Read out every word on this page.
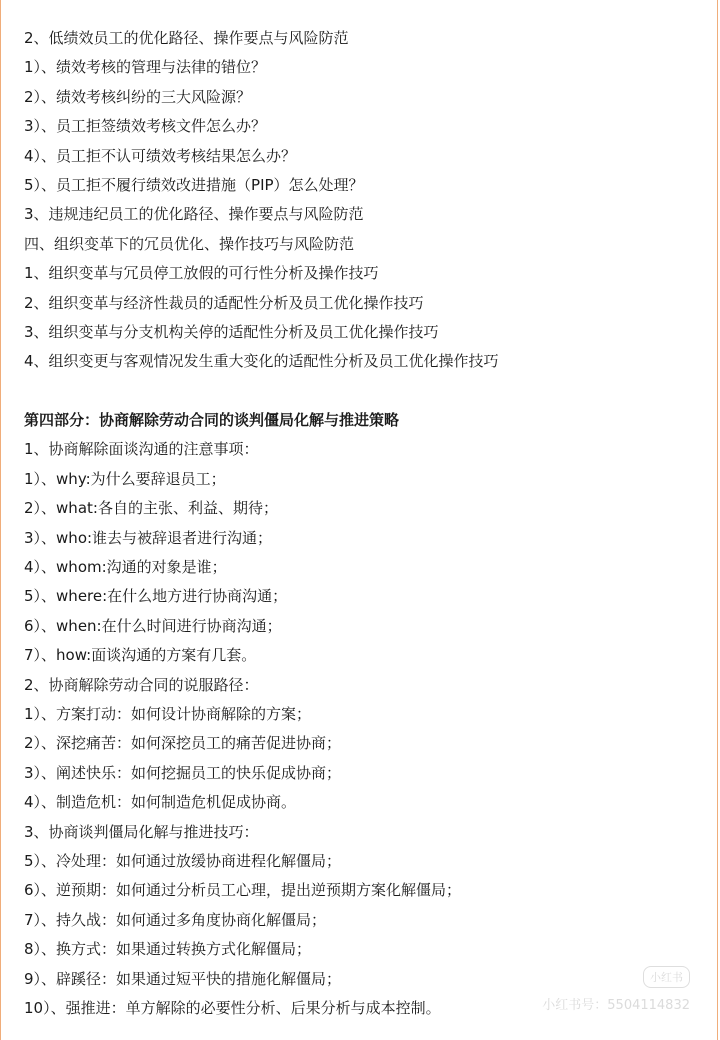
2、低绩效员工的优化路径、操作要点与风险防范
1）、绩效考核的管理与法律的错位？
2）、绩效考核纠纷的三大风险源？
3）、员工拒签绩效考核文件怎么办？
4）、员工拒不认可绩效考核结果怎么办？
5）、员工拒不履行绩效改进措施（PIP）怎么处理？
3、违规违纪员工的优化路径、操作要点与风险防范
四、组织变革下的冗员优化、操作技巧与风险防范
1、组织变革与冗员停工放假的可行性分析及操作技巧
2、组织变革与经济性裁员的适配性分析及员工优化操作技巧
3、组织变革与分支机构关停的适配性分析及员工优化操作技巧
4、组织变更与客观情况发生重大变化的适配性分析及员工优化操作技巧
第四部分：协商解除劳动合同的谈判僵局化解与推进策略
1、协商解除面谈沟通的注意事项：
1）、why:为什么要辞退员工；
2）、what:各自的主张、利益、期待；
3）、who:谁去与被辞退者进行沟通；
4）、whom:沟通的对象是谁；
5）、where:在什么地方进行协商沟通；
6）、when:在什么时间进行协商沟通；
7）、how:面谈沟通的方案有几套。
2、协商解除劳动合同的说服路径：
1）、方案打动：如何设计协商解除的方案；
2）、深挖痛苦：如何深挖员工的痛苦促进协商；
3）、阐述快乐：如何挖掘员工的快乐促成协商；
4）、制造危机：如何制造危机促成协商。
3、协商谈判僵局化解与推进技巧：
5）、冷处理：如何通过放缓协商进程化解僵局；
6）、逆预期：如何通过分析员工心理，提出逆预期方案化解僵局；
7）、持久战：如何通过多角度协商化解僵局；
8）、换方式：如果通过转换方式化解僵局；
9）、辟蹊径：如果通过短平快的措施化解僵局；
10）、强推进：单方解除的必要性分析、后果分析与成本控制。
小红书
小红书号：5504114832
